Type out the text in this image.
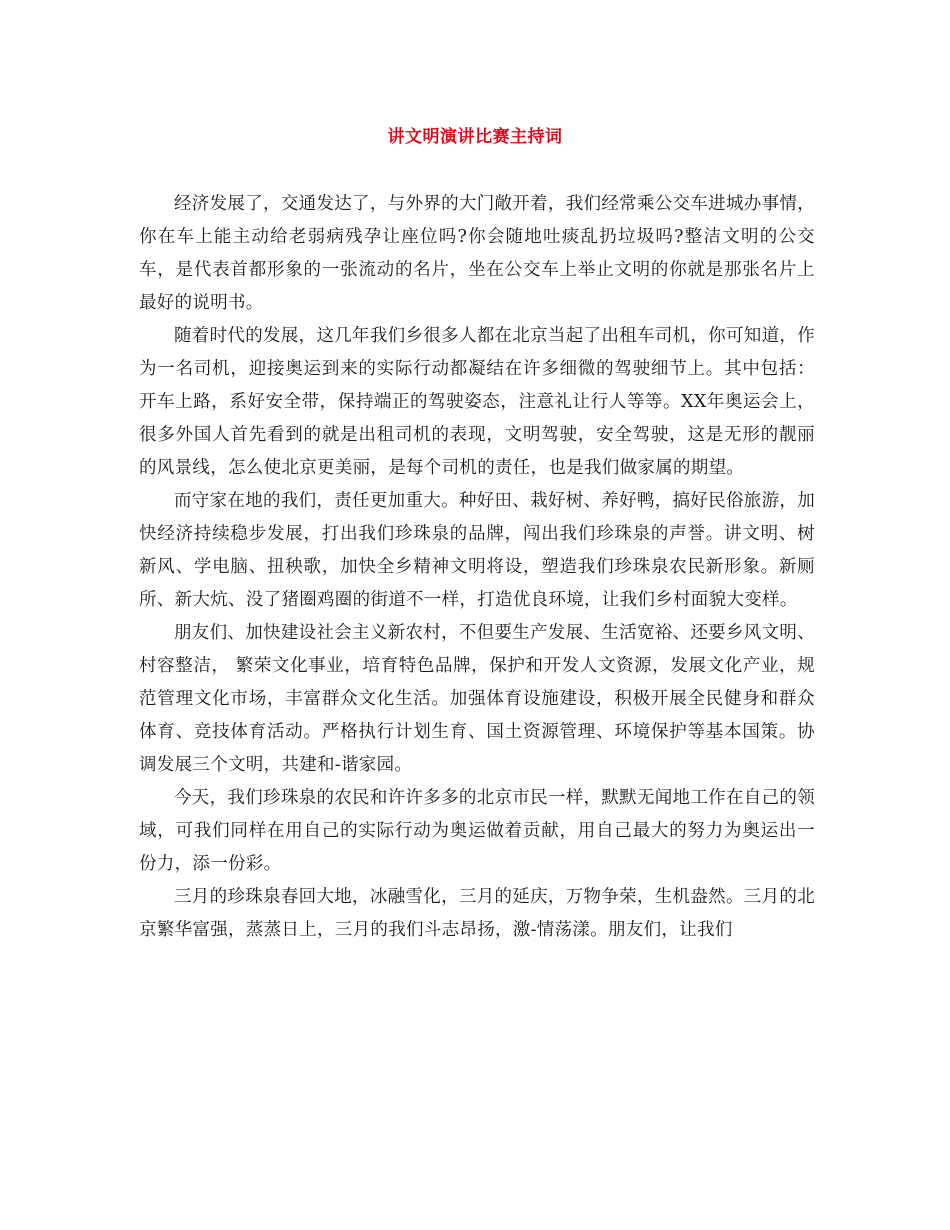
讲文明演讲比赛主持词

经济发展了，交通发达了，与外界的大门敞开着，我们经常乘公交车进城办事情，你在车上能主动给老弱病残孕让座位吗?你会随地吐痰乱扔垃圾吗?整洁文明的公交车，是代表首都形象的一张流动的名片，坐在公交车上举止文明的你就是那张名片上最好的说明书。

随着时代的发展，这几年我们乡很多人都在北京当起了出租车司机，你可知道，作为一名司机，迎接奥运到来的实际行动都凝结在许多细微的驾驶细节上。其中包括：开车上路，系好安全带，保持端正的驾驶姿态，注意礼让行人等等。XX年奥运会上，很多外国人首先看到的就是出租司机的表现，文明驾驶，安全驾驶，这是无形的靓丽的风景线，怎么使北京更美丽，是每个司机的责任，也是我们做家属的期望。

而守家在地的我们，责任更加重大。种好田、栽好树、养好鸭，搞好民俗旅游，加快经济持续稳步发展，打出我们珍珠泉的品牌，闯出我们珍珠泉的声誉。讲文明、树新风、学电脑、扭秧歌，加快全乡精神文明将设，塑造我们珍珠泉农民新形象。新厕所、新大炕、没了猪圈鸡圈的街道不一样，打造优良环境，让我们乡村面貌大变样。

朋友们、加快建设社会主义新农村，不但要生产发展、生活宽裕、还要乡风文明、村容整洁， 繁荣文化事业，培育特色品牌，保护和开发人文资源，发展文化产业，规范管理文化市场，丰富群众文化生活。加强体育设施建设，积极开展全民健身和群众体育、竞技体育活动。严格执行计划生育、国土资源管理、环境保护等基本国策。协调发展三个文明，共建和-谐家园。

今天，我们珍珠泉的农民和许许多多的北京市民一样，默默无闻地工作在自己的领域，可我们同样在用自己的实际行动为奥运做着贡献，用自己最大的努力为奥运出一份力，添一份彩。

三月的珍珠泉春回大地，冰融雪化，三月的延庆，万物争荣，生机盎然。三月的北京繁华富强，蒸蒸日上，三月的我们斗志昂扬，激-情荡漾。朋友们，让我们
